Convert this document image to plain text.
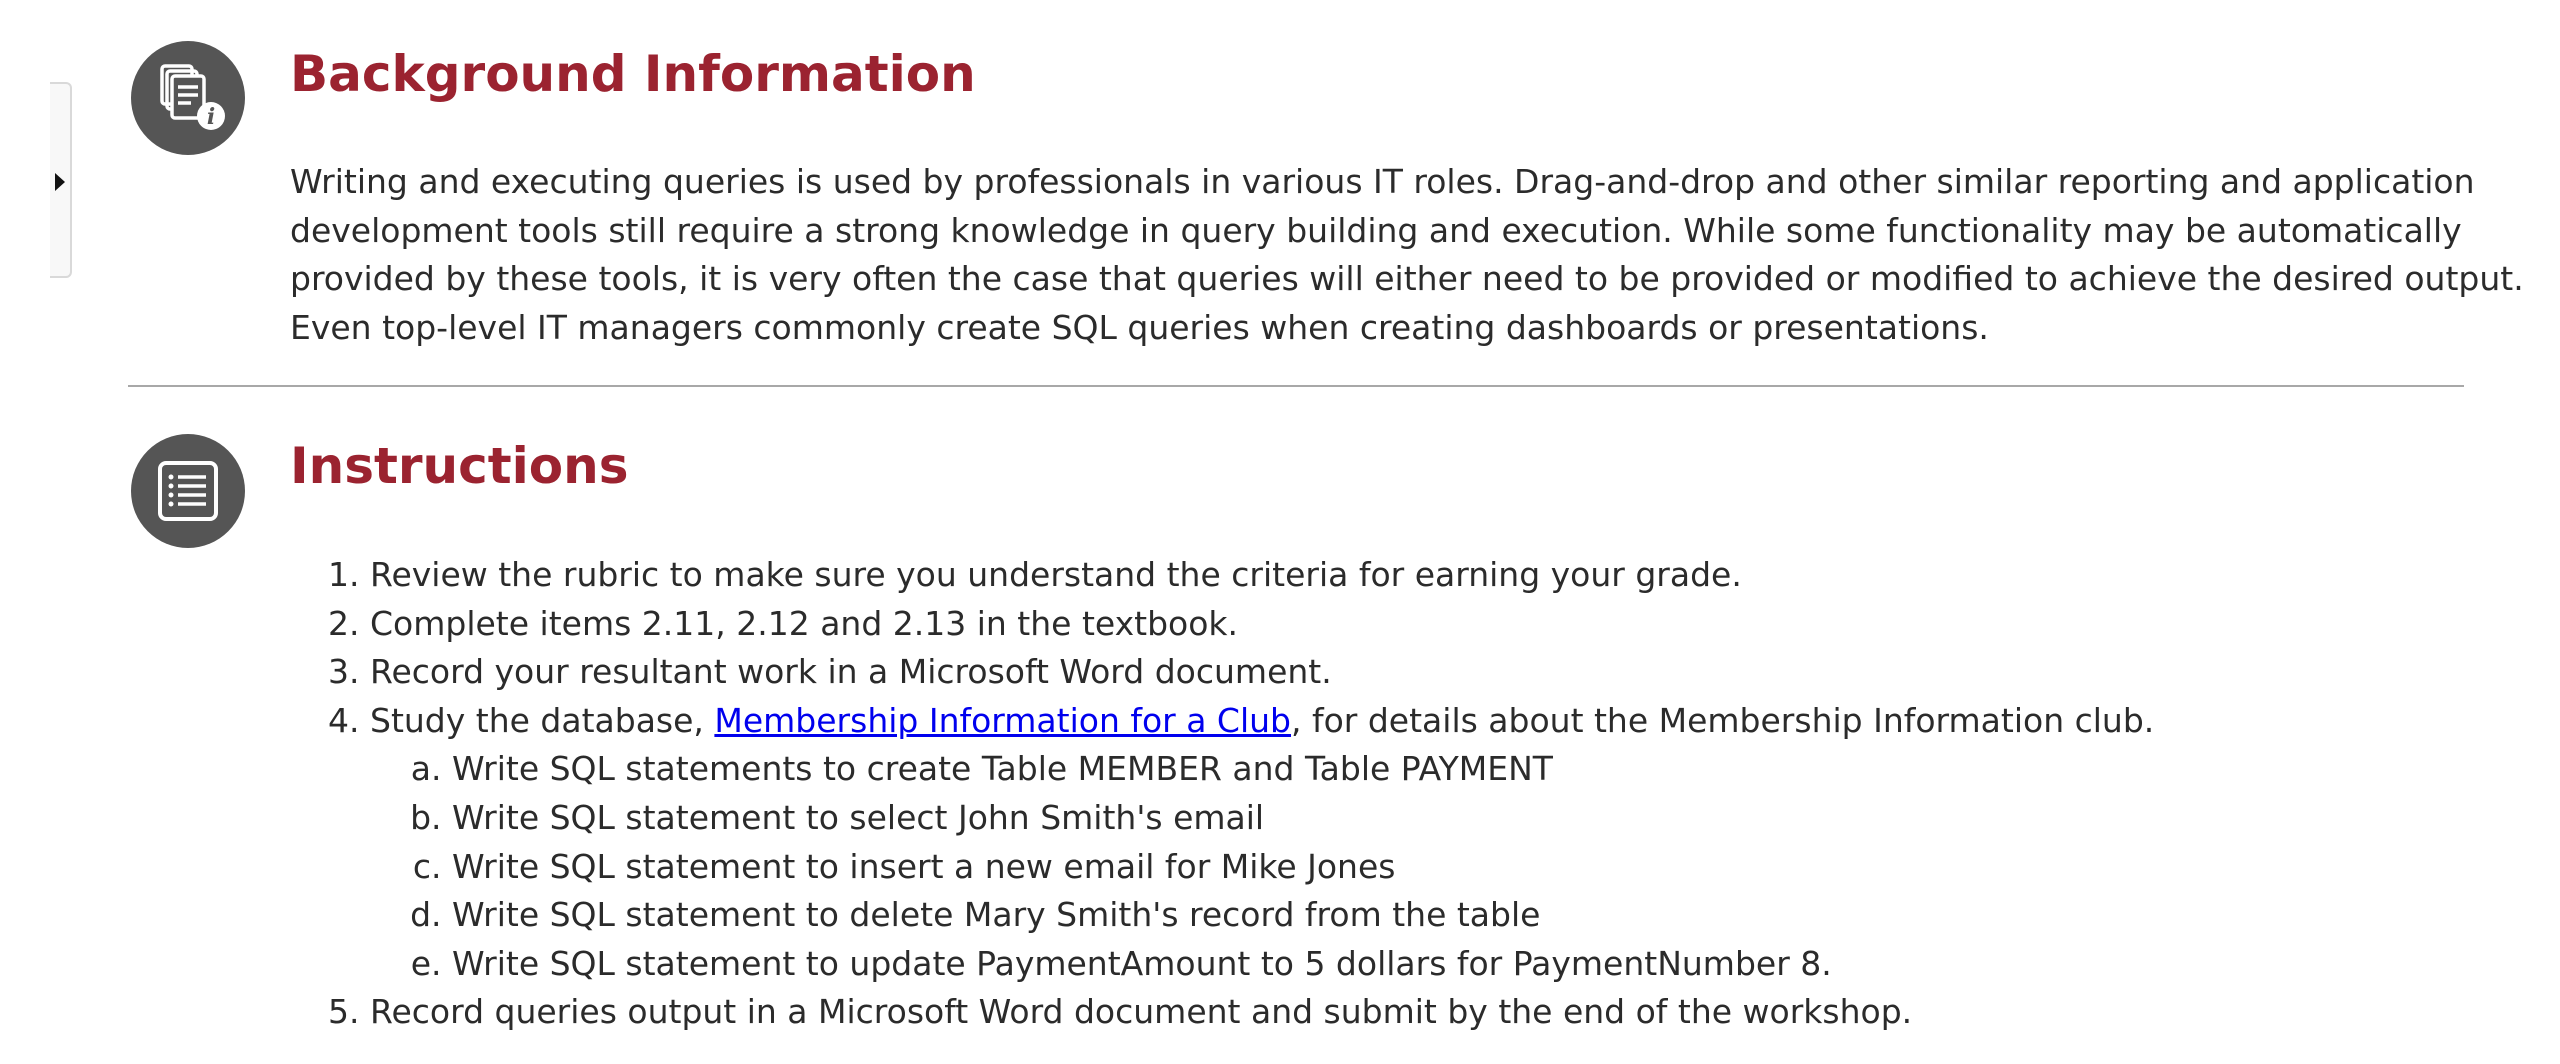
i
Background Information

Writing and executing queries is used by professionals in various IT roles. Drag-and-drop and other similar reporting and application development tools still require a strong knowledge in query building and execution. While some functionality may be automatically provided by these tools, it is very often the case that queries will either need to be provided or modified to achieve the desired output. Even top-level IT managers commonly create SQL queries when creating dashboards or presentations.

Instructions
1. Review the rubric to make sure you understand the criteria for earning your grade.
2. Complete items 2.11, 2.12 and 2.13 in the textbook.
3. Record your resultant work in a Microsoft Word document.
4. Study the database, Membership Information for a Club, for details about the Membership Information club.
a. Write SQL statements to create Table MEMBER and Table PAYMENT
b. Write SQL statement to select John Smith's email
c. Write SQL statement to insert a new email for Mike Jones
d. Write SQL statement to delete Mary Smith's record from the table
e. Write SQL statement to update PaymentAmount to 5 dollars for PaymentNumber 8.
5. Record queries output in a Microsoft Word document and submit by the end of the workshop.
